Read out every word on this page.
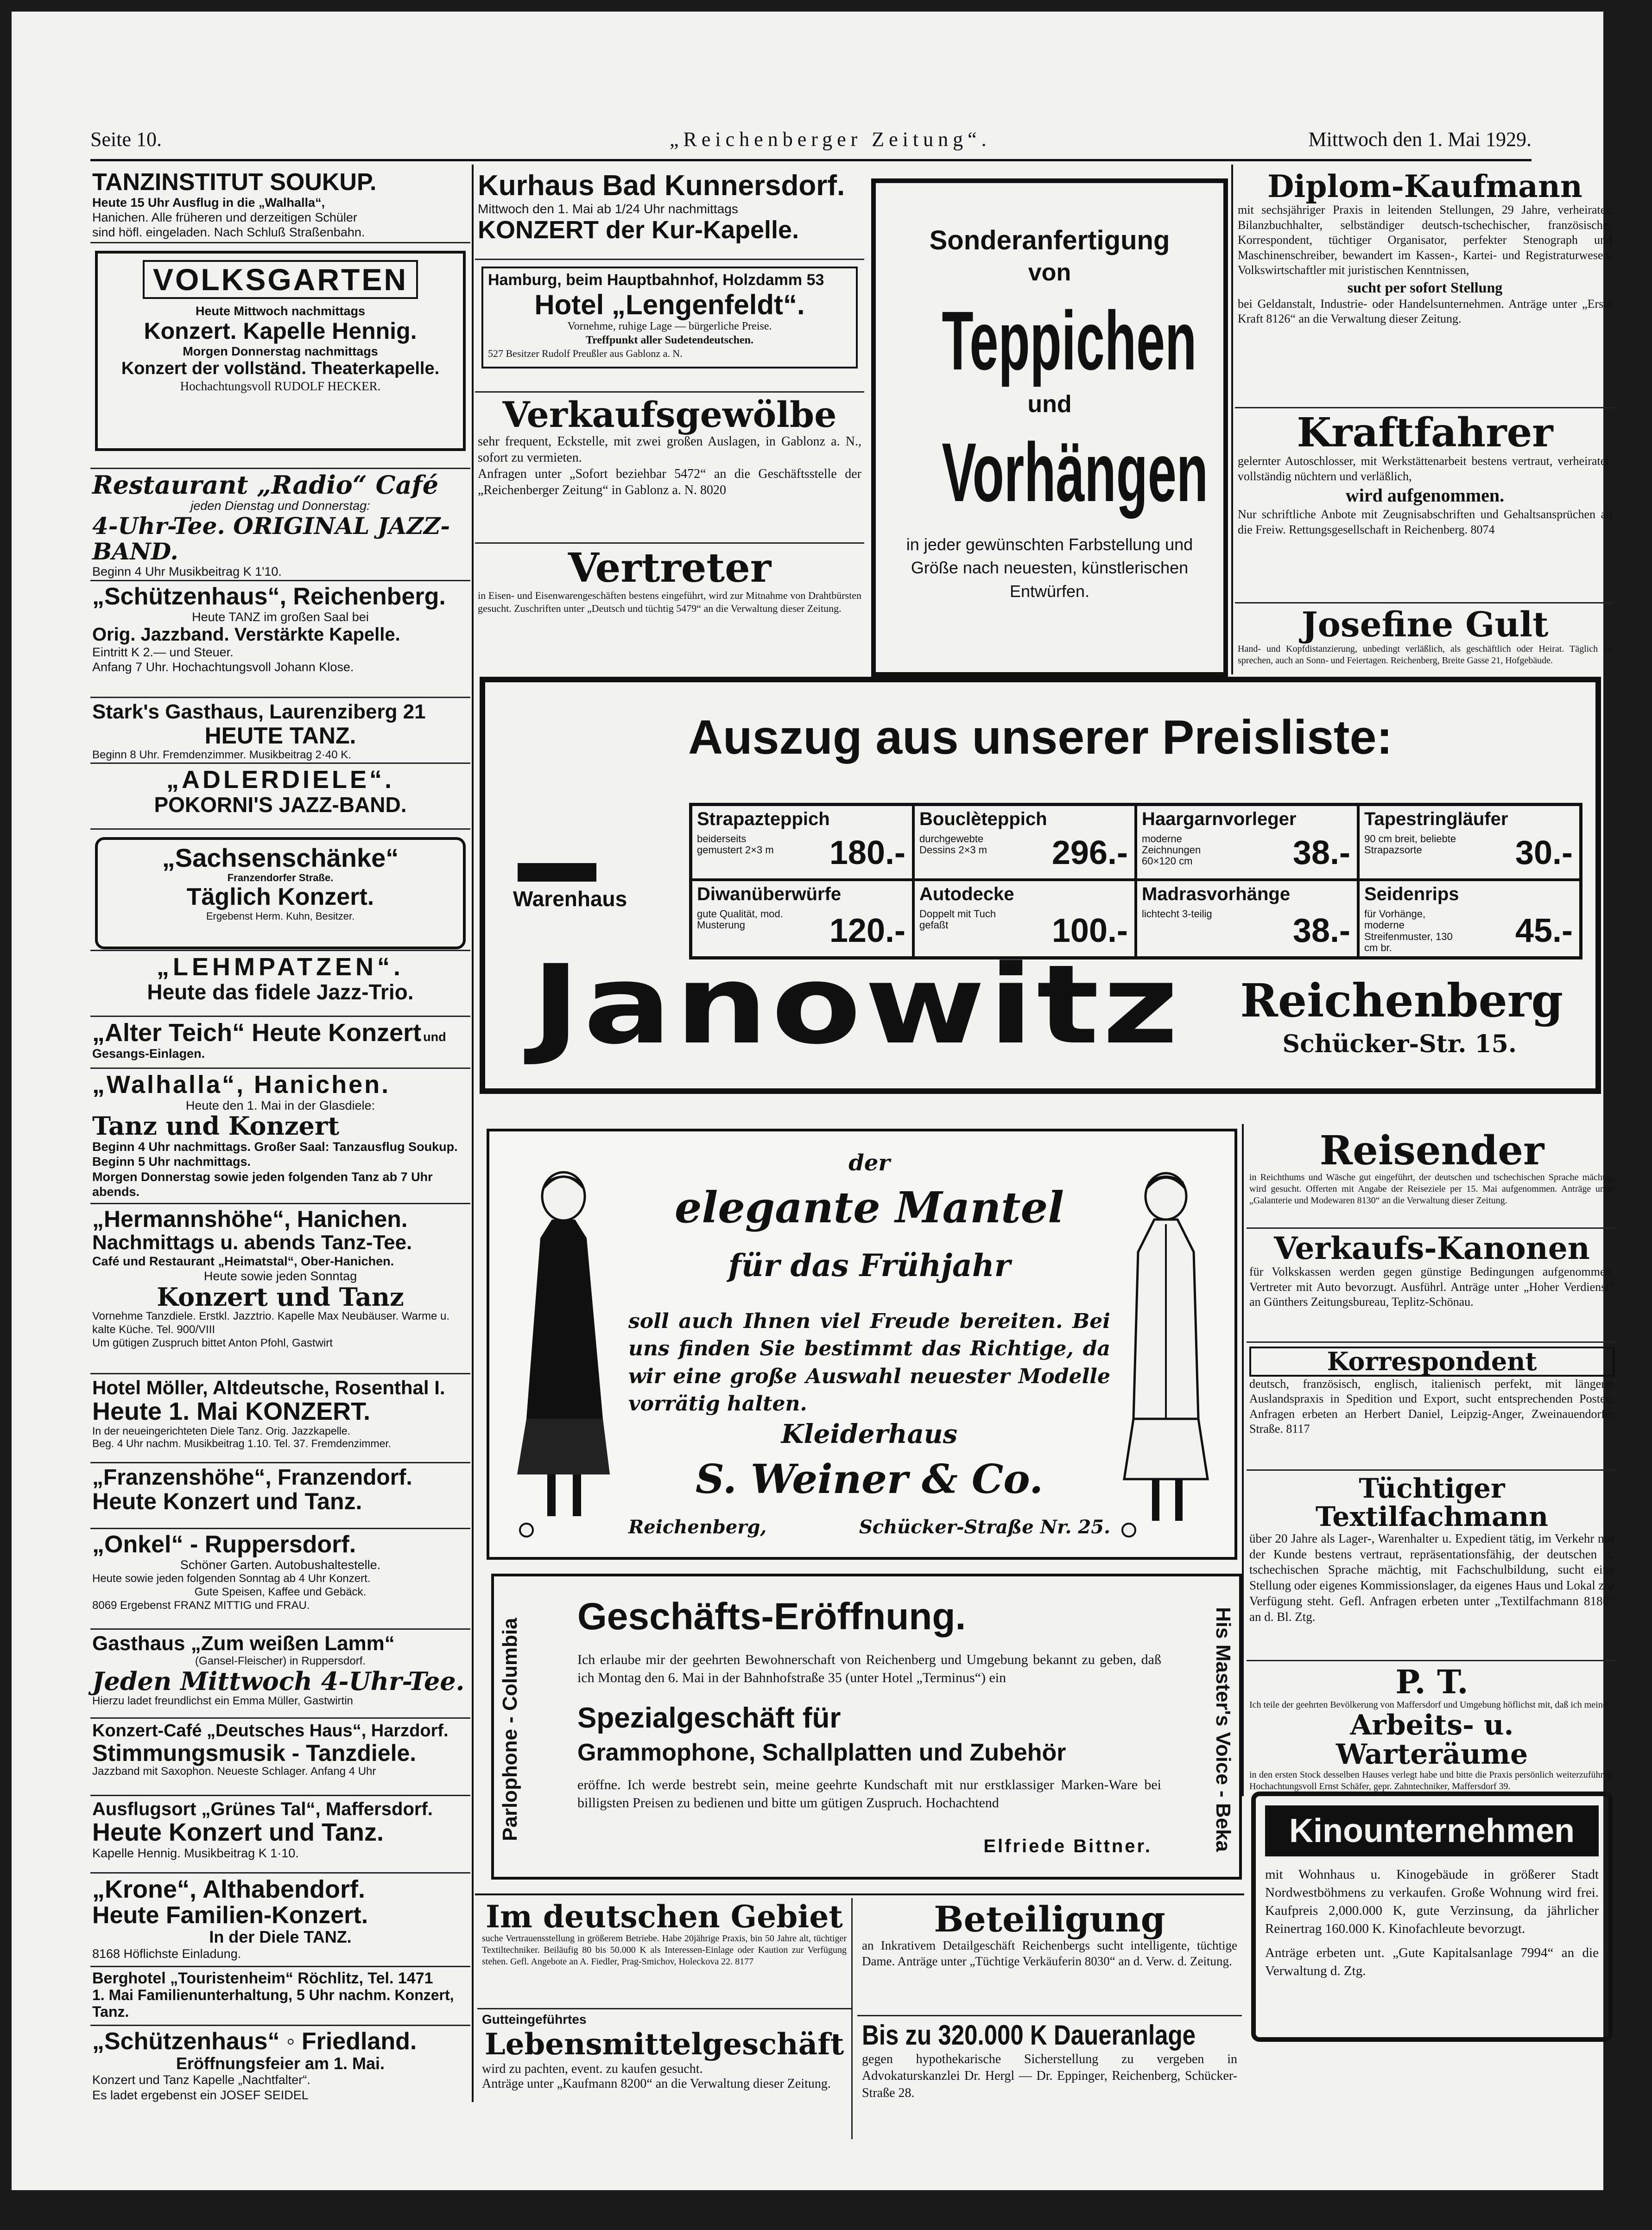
Seite 10.	„Reichenberger Zeitung“.	Mittwoch den 1. Mai 1929.
TANZINSTITUT SOUKUP.
Heute 15 Uhr Ausflug in die „Walhalla“,
Hanichen. Alle früheren und derzeitigen Schüler
sind höfl. eingeladen. Nach Schluß Straßenbahn.
VOLKSGARTEN
Heute Mittwoch nachmittags
Konzert. Kapelle Hennig.
Morgen Donnerstag nachmittags
Konzert der vollständ. Theaterkapelle.
Hochachtungsvoll RUDOLF HECKER.
Restaurant „Radio“ Café
jeden Dienstag und Donnerstag:
4-Uhr-Tee. ORIGINAL JAZZ-BAND.
Beginn 4 Uhr Musikbeitrag K 1'10.
„Schützenhaus“, Reichenberg.
Heute TANZ im großen Saal bei
Orig. Jazzband. Verstärkte Kapelle.
Eintritt K 2.— und Steuer.
Anfang 7 Uhr. Hochachtungsvoll Johann Klose.
Stark's Gasthaus, Laurenziberg 21
HEUTE TANZ.
Beginn 8 Uhr. Fremdenzimmer. Musikbeitrag 2·40 K.
„ADLERDIELE“.
POKORNI'S JAZZ-BAND.
„Sachsenschänke“
Franzendorfer Straße.
Täglich Konzert.
Ergebenst Herm. Kuhn, Besitzer.
„LEHMPATZEN“.
Heute das fidele Jazz-Trio.
„Alter Teich“ Heute Konzert und Gesangs-Einlagen.
„Walhalla“, Hanichen.
Heute den 1. Mai in der Glasdiele:
Tanz und Konzert
Beginn 4 Uhr nachmittags. Großer Saal: Tanzausflug Soukup. Beginn 5 Uhr nachmittags.
Morgen Donnerstag sowie jeden folgenden Tanz ab 7 Uhr abends.
„Hermannshöhe“, Hanichen.
Nachmittags u. abends Tanz-Tee.
Café und Restaurant „Heimatstal“, Ober-Hanichen.
Heute sowie jeden Sonntag
Konzert und Tanz
Vornehme Tanzdiele. Erstkl. Jazztrio. Kapelle Max Neubäuser. Warme u. kalte Küche. Tel. 900/VIII
Um gütigen Zuspruch bittet Anton Pfohl, Gastwirt
Hotel Möller, Altdeutsche, Rosenthal I.
Heute 1. Mai KONZERT.
In der neueingerichteten Diele Tanz. Orig. Jazzkapelle.
Beg. 4 Uhr nachm. Musikbeitrag 1.10. Tel. 37. Fremdenzimmer.
„Franzenshöhe“, Franzendorf.
Heute Konzert und Tanz.
„Onkel“ - Ruppersdorf.
Schöner Garten. Autobushaltestelle.
Heute sowie jeden folgenden Sonntag ab 4 Uhr Konzert.
Gute Speisen, Kaffee und Gebäck.
8069 Ergebenst FRANZ MITTIG und FRAU.
Gasthaus „Zum weißen Lamm“
(Gansel-Fleischer) in Ruppersdorf.
Jeden Mittwoch 4-Uhr-Tee.
Hierzu ladet freundlichst ein Emma Müller, Gastwirtin
Konzert-Café „Deutsches Haus“, Harzdorf.
Stimmungsmusik - Tanzdiele.
Jazzband mit Saxophon. Neueste Schlager. Anfang 4 Uhr
Ausflugsort „Grünes Tal“, Maffersdorf.
Heute Konzert und Tanz.
Kapelle Hennig. Musikbeitrag K 1·10.
„Krone“, Althabendorf.
Heute Familien-Konzert.
In der Diele TANZ.
8168 Höflichste Einladung.
Berghotel „Touristenheim“ Röchlitz, Tel. 1471
1. Mai Familienunterhaltung, 5 Uhr nachm. Konzert, Tanz.
„Schützenhaus“ ◦ Friedland.
Eröffnungsfeier am 1. Mai.
Konzert und Tanz Kapelle „Nachtfalter“.
Es ladet ergebenst ein JOSEF SEIDEL
Kurhaus Bad Kunnersdorf.
Mittwoch den 1. Mai ab 1/24 Uhr nachmittags
KONZERT der Kur-Kapelle.
Hamburg, beim Hauptbahnhof, Holzdamm 53
Hotel „Lengenfeldt“.
Vornehme, ruhige Lage — bürgerliche Preise.
Treffpunkt aller Sudetendeutschen.
527 Besitzer Rudolf Preußler aus Gablonz a. N.
Verkaufsgewölbe
sehr frequent, Eckstelle, mit zwei großen Auslagen, in Gablonz a. N., sofort zu vermieten.
Anfragen unter „Sofort beziehbar 5472“ an die Geschäftsstelle der „Reichenberger Zeitung“ in Gablonz a. N. 8020
Vertreter
in Eisen- und Eisenwarengeschäften bestens eingeführt, wird zur Mitnahme von Drahtbürsten gesucht. Zuschriften unter „Deutsch und tüchtig 5479“ an die Verwaltung dieser Zeitung.
Sonderanfertigung
von
Teppichen
und
Vorhängen
in jeder gewünschten Farbstellung und Größe nach neuesten, künstlerischen Entwürfen.
Diplom-Kaufmann
mit sechsjähriger Praxis in leitenden Stellungen, 29 Jahre, verheiratet, Bilanzbuchhalter, selbständiger deutsch-tschechischer, französischer Korrespondent, tüchtiger Organisator, perfekter Stenograph und Maschinenschreiber, bewandert im Kassen-, Kartei- und Registraturwesen, Volkswirtschaftler mit juristischen Kenntnissen,
sucht per sofort Stellung
bei Geldanstalt, Industrie- oder Handelsunternehmen. Anträge unter „Erste Kraft 8126“ an die Verwaltung dieser Zeitung.
Kraftfahrer
gelernter Autoschlosser, mit Werkstättenarbeit bestens vertraut, verheiratet, vollständig nüchtern und verläßlich,
wird aufgenommen.
Nur schriftliche Anbote mit Zeugnisabschriften und Gehaltsansprüchen an die Freiw. Rettungsgesellschaft in Reichenberg. 8074
Josefine Gult
Hand- und Kopfdistanzierung, unbedingt verläßlich, als geschäftlich oder Heirat. Täglich zu sprechen, auch an Sonn- und Feiertagen. Reichenberg, Breite Gasse 21, Hofgebäude.
Auszug aus unserer Preisliste:
Strapazteppich
beiderseits gemustert 2×3 m	180.-
Bouclèteppich
durchgewebte Dessins 2×3 m	296.-
Haargarnvorleger
moderne Zeichnungen 60×120 cm	38.-
Tapestringläufer
90 cm breit, beliebte Strapazsorte	30.-
Diwanüberwürfe
gute Qualität, mod. Musterung	120.-
Autodecke
Doppelt mit Tuch gefaßt	100.-
Madrasvorhänge
lichtecht 3-teilig	38.-
Seidenrips
für Vorhänge, moderne Streifenmuster, 130 cm br.	45.-
Warenhaus
Janowitz Reichenberg
Schücker-Str. 15.
der
elegante Mantel
für das Frühjahr
soll auch Ihnen viel Freude bereiten. Bei uns finden Sie bestimmt das Richtige, da wir eine große Auswahl neuester Modelle vorrätig halten.
Kleiderhaus
S. Weiner & Co.
Reichenberg,	Schücker-Straße Nr. 25.
Parlophone - Columbia	His Master's Voice - Beka
Geschäfts-Eröffnung.
Ich erlaube mir der geehrten Bewohnerschaft von Reichenberg und Umgebung bekannt zu geben, daß ich Montag den 6. Mai in der Bahnhofstraße 35 (unter Hotel „Terminus“) ein
Spezialgeschäft für
Grammophone, Schallplatten und Zubehör
eröffne. Ich werde bestrebt sein, meine geehrte Kundschaft mit nur erstklassiger Marken-Ware bei billigsten Preisen zu bedienen und bitte um gütigen Zuspruch. Hochachtend
Elfriede Bittner.
Reisender
in Reichthums und Wäsche gut eingeführt, der deutschen und tschechischen Sprache mächtig, wird gesucht. Offerten mit Angabe der Reiseziele per 15. Mai aufgenommen. Anträge unter „Galanterie und Modewaren 8130“ an die Verwaltung dieser Zeitung.
Verkaufs-Kanonen
für Volkskassen werden gegen günstige Bedingungen aufgenommen. Vertreter mit Auto bevorzugt. Ausführl. Anträge unter „Hoher Verdienst“ an Günthers Zeitungsbureau, Teplitz-Schönau.
Korrespondent
deutsch, französisch, englisch, italienisch perfekt, mit längerer Auslandspraxis in Spedition und Export, sucht entsprechenden Posten. Anfragen erbeten an Herbert Daniel, Leipzig-Anger, Zweinauendorfer Straße. 8117
Tüchtiger Textilfachmann
über 20 Jahre als Lager-, Warenhalter u. Expedient tätig, im Verkehr mit der Kunde bestens vertraut, repräsentationsfähig, der deutschen u. tschechischen Sprache mächtig, mit Fachschulbildung, sucht eine Stellung oder eigenes Kommissionslager, da eigenes Haus und Lokal zur Verfügung steht. Gefl. Anfragen erbeten unter „Textilfachmann 8180“ an d. Bl. Ztg.
P. T.
Ich teile der geehrten Bevölkerung von Maffersdorf und Umgebung höflichst mit, daß ich meine
Arbeits- u. Warteräume
in den ersten Stock desselben Hauses verlegt habe und bitte die Praxis persönlich weiterzuführen. Hochachtungsvoll Ernst Schäfer, gepr. Zahntechniker, Maffersdorf 39.
Kinounternehmen
mit Wohnhaus u. Kinogebäude in größerer Stadt Nordwestböhmens zu verkaufen. Große Wohnung wird frei. Kaufpreis 2,000.000 K, gute Verzinsung, da jährlicher Reinertrag 160.000 K. Kinofachleute bevorzugt.
Anträge erbeten unt. „Gute Kapitalsanlage 7994“ an die Verwaltung d. Ztg.
Im deutschen Gebiet
suche Vertrauensstellung in größerem Betriebe. Habe 20jährige Praxis, bin 50 Jahre alt, tüchtiger Textiltechniker. Beiläufig 80 bis 50.000 K als Interessen-Einlage oder Kaution zur Verfügung stehen. Gefl. Angebote an A. Fiedler, Prag-Smichov, Holeckova 22. 8177
Gutteingeführtes
Lebensmittelgeschäft
wird zu pachten, event. zu kaufen gesucht.
Anträge unter „Kaufmann 8200“ an die Verwaltung dieser Zeitung.
Beteiligung
an Inkrativem Detailgeschäft Reichenbergs sucht intelligente, tüchtige Dame. Anträge unter „Tüchtige Verkäuferin 8030“ an d. Verw. d. Zeitung.
Bis zu 320.000 K Daueranlage
gegen hypothekarische Sicherstellung zu vergeben in Advokaturskanzlei Dr. Hergl — Dr. Eppinger, Reichenberg, Schücker-Straße 28.
